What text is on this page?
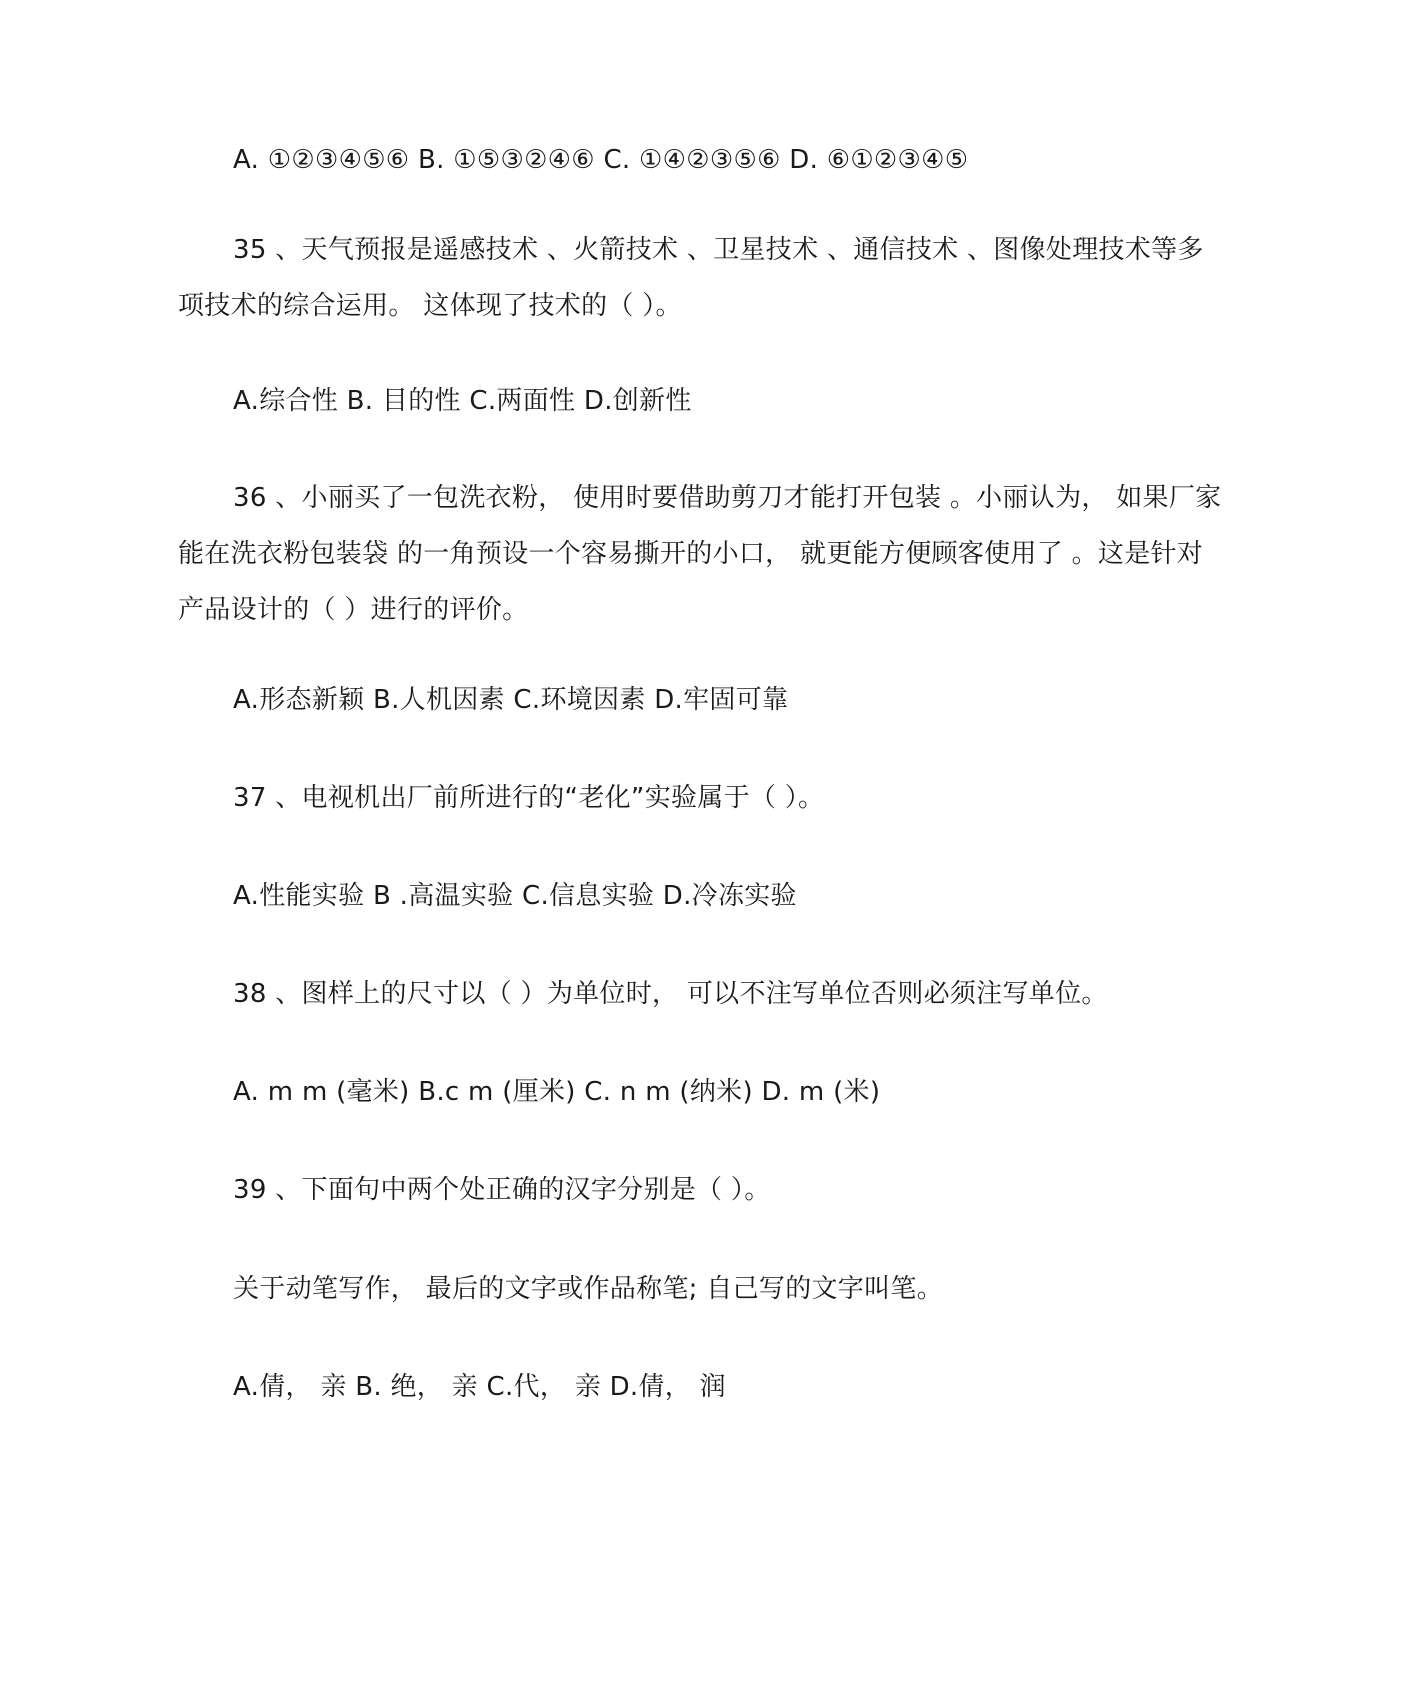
A. ①②③④⑤⑥ B. ①⑤③②④⑥ C. ①④②③⑤⑥ D. ⑥①②③④⑤

35 、天气预报是遥感技术 、火箭技术 、卫星技术 、通信技术 、图像处理技术等多项技术的综合运用。 这体现了技术的（ ）。

A.综合性 B. 目的性 C.两面性 D.创新性

36 、小丽买了一包洗衣粉， 使用时要借助剪刀才能打开包装 。小丽认为， 如果厂家能在洗衣粉包装袋 的一角预设一个容易撕开的小口， 就更能方便顾客使用了 。这是针对产品设计的（ ）进行的评价。

A.形态新颖 B.人机因素 C.环境因素 D.牢固可靠

37 、电视机出厂前所进行的“老化”实验属于（ ）。

A.性能实验 B .高温实验 C.信息实验 D.冷冻实验

38 、图样上的尺寸以（ ）为单位时， 可以不注写单位否则必须注写单位。

A. m m (毫米) B.c m (厘米) C. n m (纳米) D. m (米)

39 、下面句中两个处正确的汉字分别是（ ）。

关于动笔写作， 最后的文字或作品称笔; 自己写的文字叫笔。

A.倩， 亲 B. 绝， 亲 C.代， 亲 D.倩， 润
